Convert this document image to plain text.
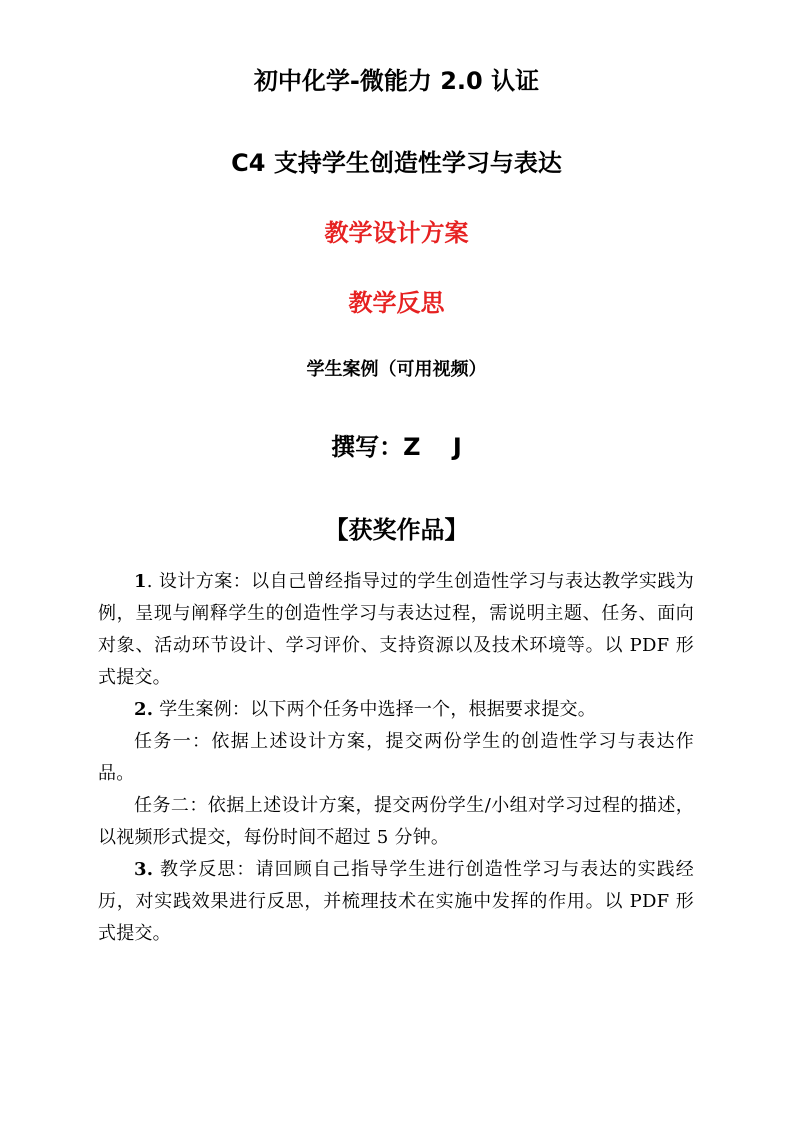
初中化学-微能力 2.0 认证
C4 支持学生创造性学习与表达
教学设计方案
教学反思
学生案例（可用视频）
撰写：Z　 J
【获奖作品】

1. 设计方案：以自己曾经指导过的学生创造性学习与表达教学实践为例，呈现与阐释学生的创造性学习与表达过程，需说明主题、任务、面向对象、活动环节设计、学习评价、支持资源以及技术环境等。以 PDF 形式提交。

2. 学生案例：以下两个任务中选择一个，根据要求提交。

任务一：依据上述设计方案，提交两份学生的创造性学习与表达作品。

任务二：依据上述设计方案，提交两份学生/小组对学习过程的描述，以视频形式提交，每份时间不超过 5 分钟。

3. 教学反思：请回顾自己指导学生进行创造性学习与表达的实践经历，对实践效果进行反思，并梳理技术在实施中发挥的作用。以 PDF 形式提交。
